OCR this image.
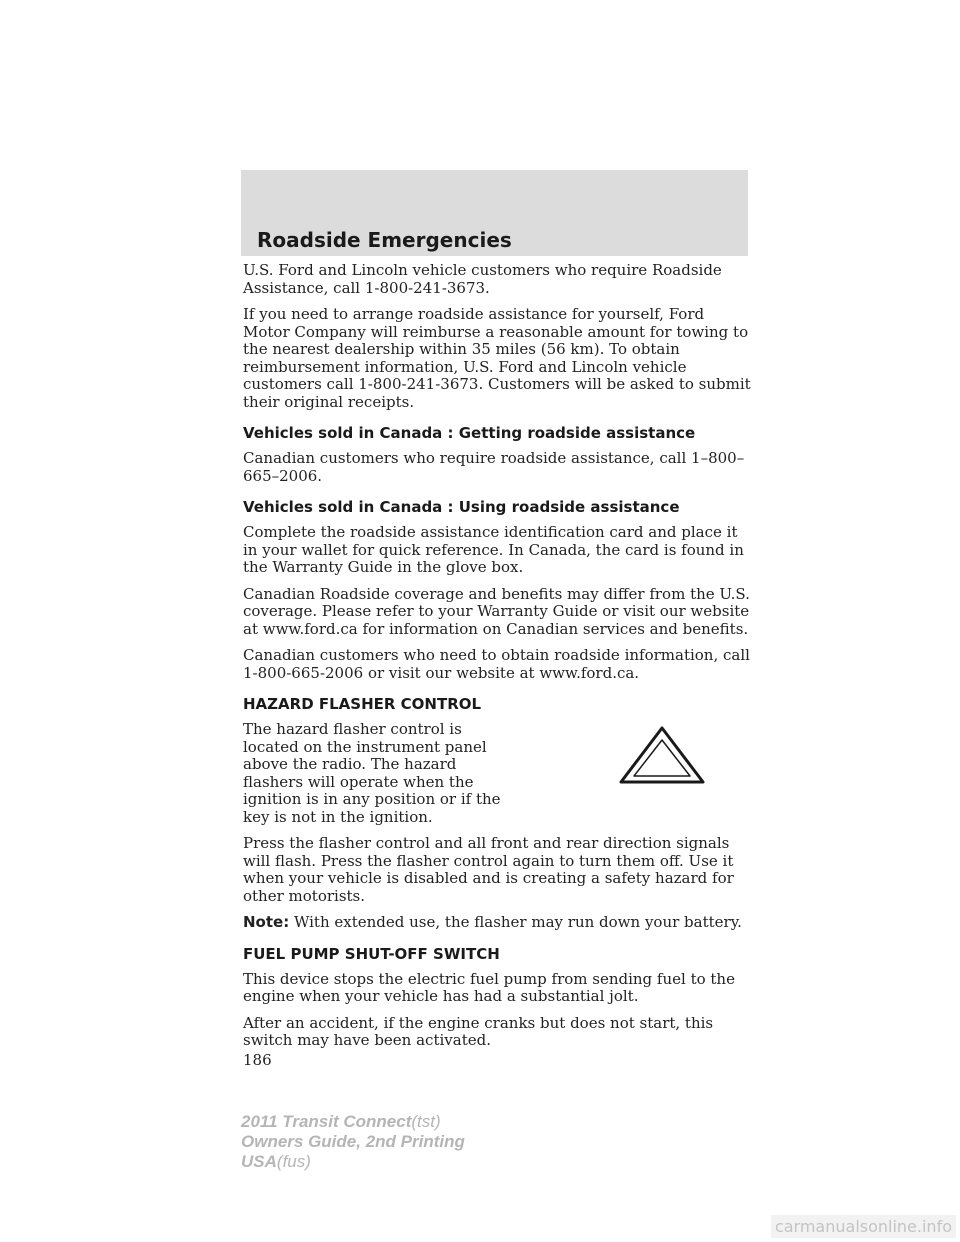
Roadside Emergencies

U.S. Ford and Lincoln vehicle customers who require Roadside Assistance, call 1-800-241-3673.

If you need to arrange roadside assistance for yourself, Ford Motor Company will reimburse a reasonable amount for towing to the nearest dealership within 35 miles (56 km). To obtain reimbursement information, U.S. Ford and Lincoln vehicle customers call 1-800-241-3673. Customers will be asked to submit their original receipts.

Vehicles sold in Canada : Getting roadside assistance

Canadian customers who require roadside assistance, call 1–800–665–2006.

Vehicles sold in Canada : Using roadside assistance

Complete the roadside assistance identification card and place it in your wallet for quick reference. In Canada, the card is found in the Warranty Guide in the glove box.

Canadian Roadside coverage and benefits may differ from the U.S. coverage. Please refer to your Warranty Guide or visit our website at www.ford.ca for information on Canadian services and benefits.

Canadian customers who need to obtain roadside information, call 1-800-665-2006 or visit our website at www.ford.ca.

HAZARD FLASHER CONTROL

The hazard flasher control is located on the instrument panel above the radio. The hazard flashers will operate when the ignition is in any position or if the key is not in the ignition.

Press the flasher control and all front and rear direction signals will flash. Press the flasher control again to turn them off. Use it when your vehicle is disabled and is creating a safety hazard for other motorists.

Note: With extended use, the flasher may run down your battery.

FUEL PUMP SHUT-OFF SWITCH

This device stops the electric fuel pump from sending fuel to the engine when your vehicle has had a substantial jolt.

After an accident, if the engine cranks but does not start, this switch may have been activated.

186

2011 Transit Connect(tst)
Owners Guide, 2nd Printing
USA(fus)
carmanualsonline.info
